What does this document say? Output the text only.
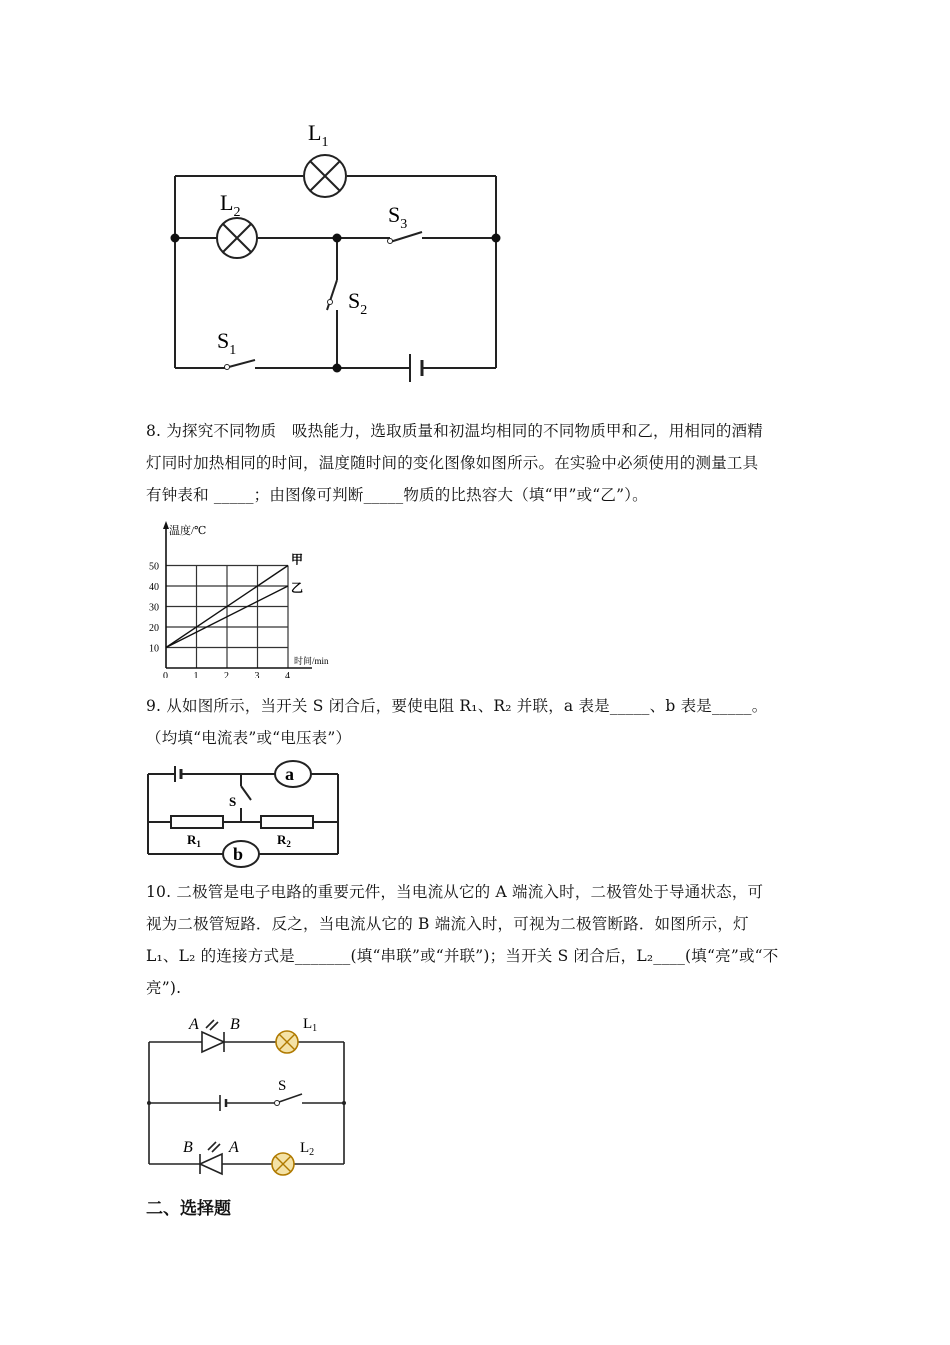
$L_1$
$L_2$	$S_3$
$S_2$
$S_1$
8. 为探究不同物质　吸热能力，选取质量和初温均相同的不同物质甲和乙，用相同的酒精
灯同时加热相同的时间，温度随时间的变化图像如图所示。在实验中必须使用的测量工具
有钟表和 _____；由图像可判断_____物质的比热容大（填“甲”或“乙”）。
甲
乙
10
20
30
40
50
0	1	2	3	4
温度/℃
时间/min
9. 从如图所示，当开关 S 闭合后，要使电阻 R₁、R₂ 并联，a 表是_____、b 表是_____。
（均填“电流表”或“电压表”）
a
b
S
$R_1$	$R_2$
10. 二极管是电子电路的重要元件，当电流从它的 A 端流入时，二极管处于导通状态，可
视为二极管短路．反之，当电流从它的 B 端流入时，可视为二极管断路．如图所示，灯
L₁、L₂ 的连接方式是_______(填“串联”或“并联”)；当开关 S 闭合后，L₂____(填“亮”或“不
亮”).
A B
B A
$L_1$
S
$L_2$
二、选择题
